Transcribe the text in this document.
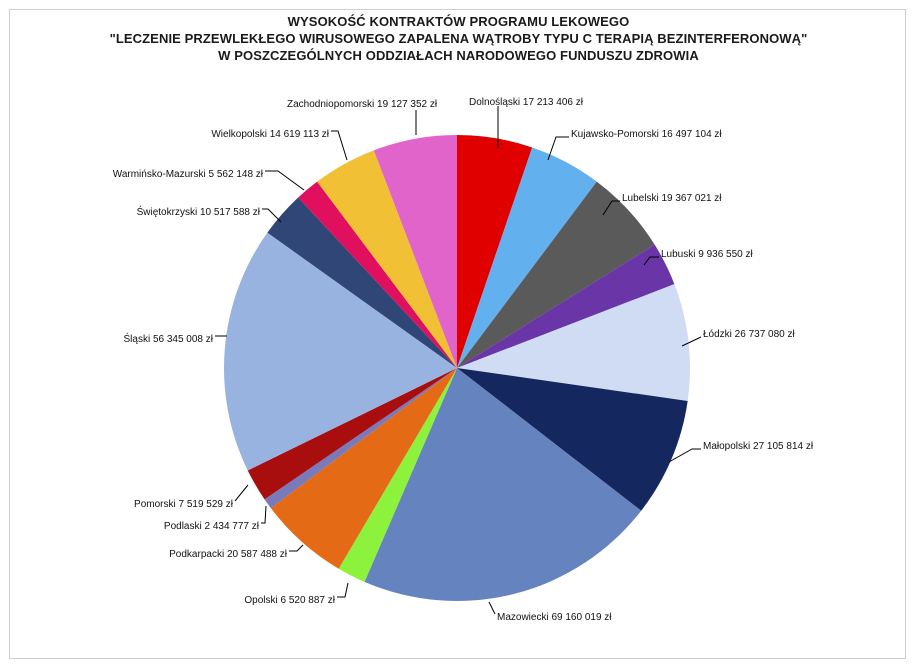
WYSOKOŚĆ KONTRAKTÓW PROGRAMU LEKOWEGO
"LECZENIE PRZEWLEKŁEGO WIRUSOWEGO ZAPALENA WĄTROBY TYPU C TERAPIĄ BEZINTERFERONOWĄ"
W POSZCZEGÓLNYCH ODDZIAŁACH NARODOWEGO FUNDUSZU ZDROWIA
Dolnośląski 17 213 406 zł
Kujawsko-Pomorski 16 497 104 zł
Lubelski 19 367 021 zł
Lubuski 9 936 550 zł
Łódzki 26 737 080 zł
Małopolski 27 105 814 zł
Mazowiecki 69 160 019 zł
Opolski 6 520 887 zł
Podkarpacki 20 587 488 zł
Podlaski 2 434 777 zł
Pomorski 7 519 529 zł
Śląski 56 345 008 zł
Świętokrzyski 10 517 588 zł
Warmińsko-Mazurski 5 562 148 zł
Wielkopolski 14 619 113 zł
Zachodniopomorski 19 127 352 zł
